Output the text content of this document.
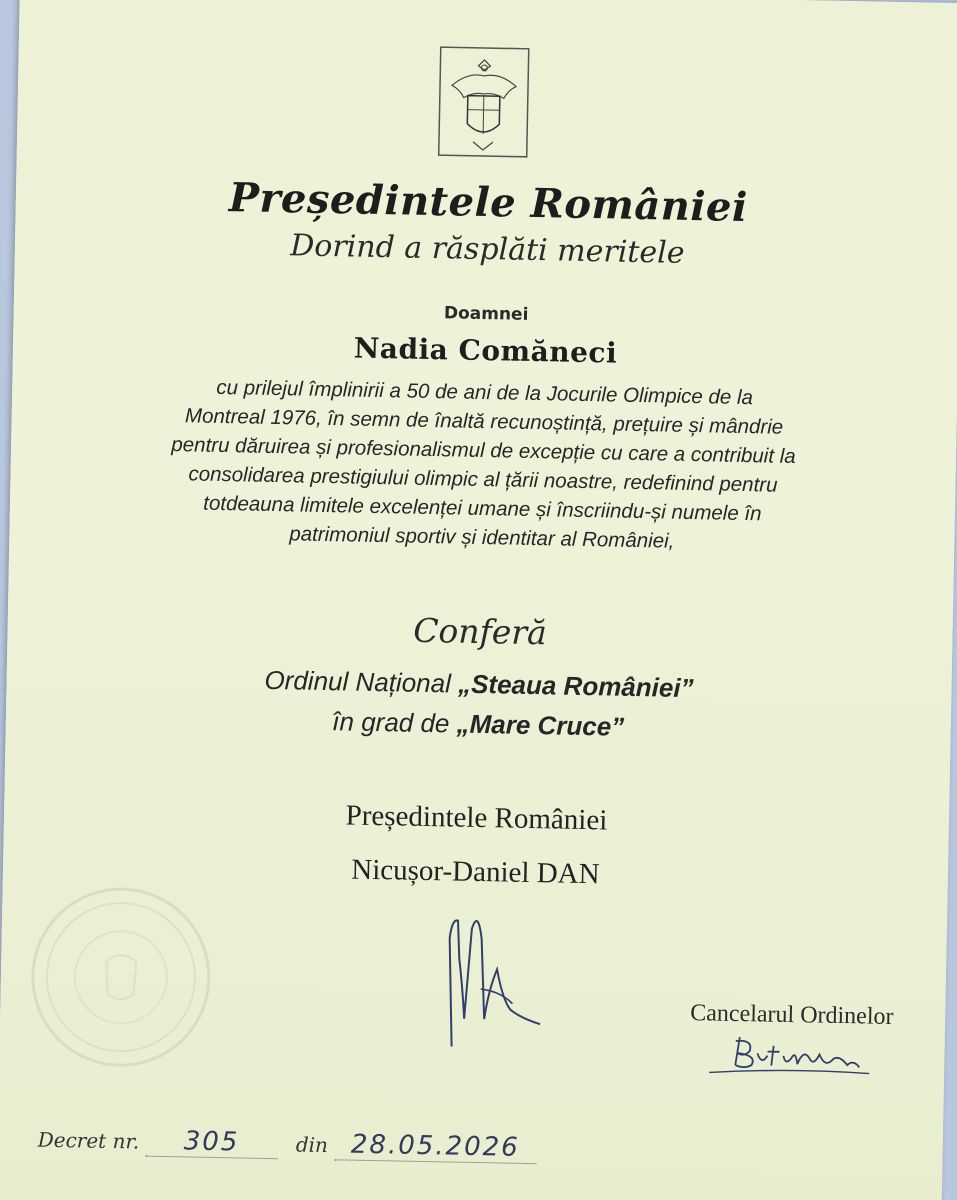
Președintele României
Dorind a răsplăti meritele
Doamnei
Nadia Comăneci
cu prilejul împlinirii a 50 de ani de la Jocurile Olimpice de la
Montreal 1976, în semn de înaltă recunoștință, prețuire și mândrie
pentru dăruirea și profesionalismul de excepție cu care a contribuit la
consolidarea prestigiului olimpic al țării noastre, redefinind pentru
totdeauna limitele excelenței umane și înscriindu-și numele în
patrimoniul sportiv și identitar al României,
Conferă
Ordinul Național „Steaua României”
în grad de „Mare Cruce”
Președintele României
Nicușor-Daniel DAN
Cancelarul Ordinelor
Decret nr. 305	din 28.05.2026
